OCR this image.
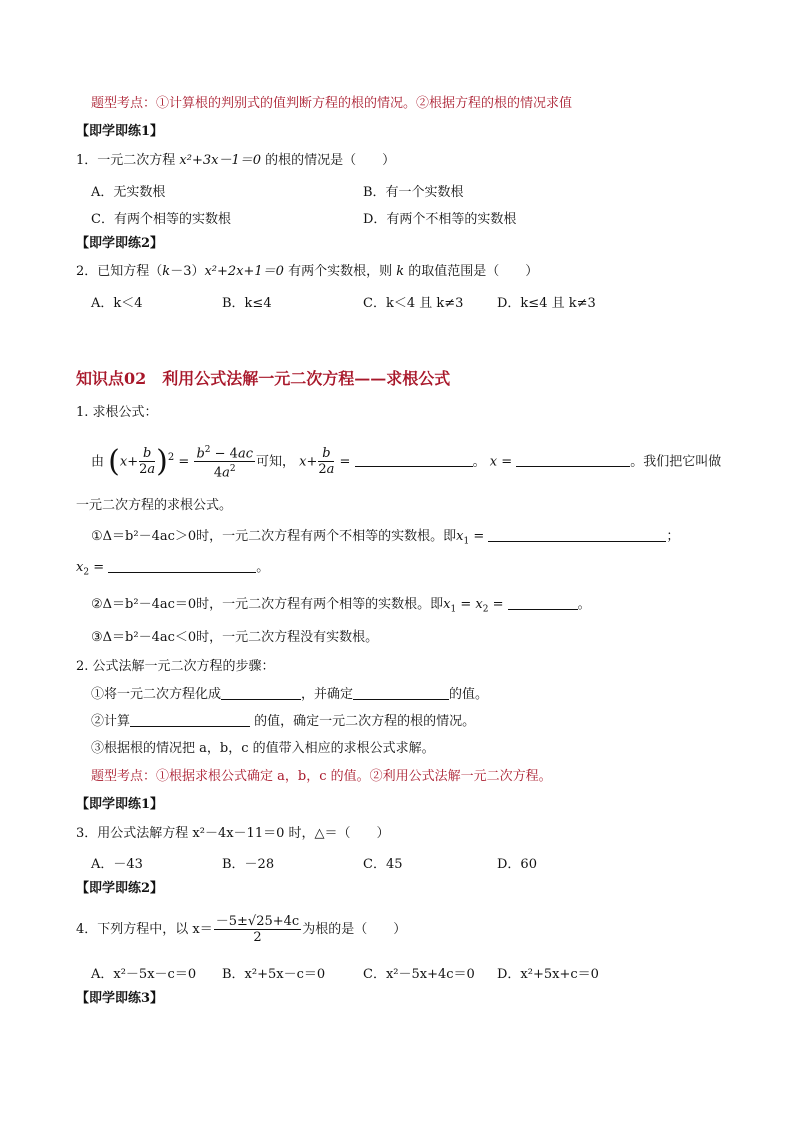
题型考点：①计算根的判别式的值判断方程的根的情况。②根据方程的根的情况求值
【即学即练1】
1．一元二次方程 x²+3x－1＝0 的根的情况是（　　）
A．无实数根	B．有一个实数根
C．有两个相等的实数根	D．有两个不相等的实数根
【即学即练2】
2．已知方程（k－3）x²+2x+1＝0 有两个实数根，则 k 的取值范围是（　　）
A．k＜4	B．k≤4	C．k＜4 且 k≠3	D．k≤4 且 k≠3
知识点02　利用公式法解一元二次方程——求根公式
1. 求根公式：
由 $(x+ \frac{b}{2a} )^2 = \frac{b^2 - 4ac}{4a^2}$ 可知， $x+ \frac{b}{2a}$ =	。 x =	。我们把它叫做
一元二次方程的求根公式。
①Δ＝b²－4ac＞0时，一元二次方程有两个不相等的实数根。即$x_1$ =	；
$x_2$ =	。
②Δ＝b²－4ac＝0时，一元二次方程有两个相等的实数根。即$x_1 = x_2$ =	。
③Δ＝b²－4ac＜0时，一元二次方程没有实数根。
2. 公式法解一元二次方程的步骤：
①将一元二次方程化成	，并确定	的值。
②计算	的值，确定一元二次方程的根的情况。
③根据根的情况把 a，b，c 的值带入相应的求根公式求解。
题型考点：①根据求根公式确定 a，b，c 的值。②利用公式法解一元二次方程。
【即学即练1】
3．用公式法解方程 x²－4x－11＝0 时，△＝（　　）
A．－43	B．－28	C．45	D．60
【即学即练2】
4．下列方程中，以 $x= \frac{-5\pm√25+4c}{2}$ 为根的是（　　）
A．x²－5x－c＝0 B．x²+5x－c＝0	C．x²－5x+4c＝0 D．x²+5x+c＝0
【即学即练3】
